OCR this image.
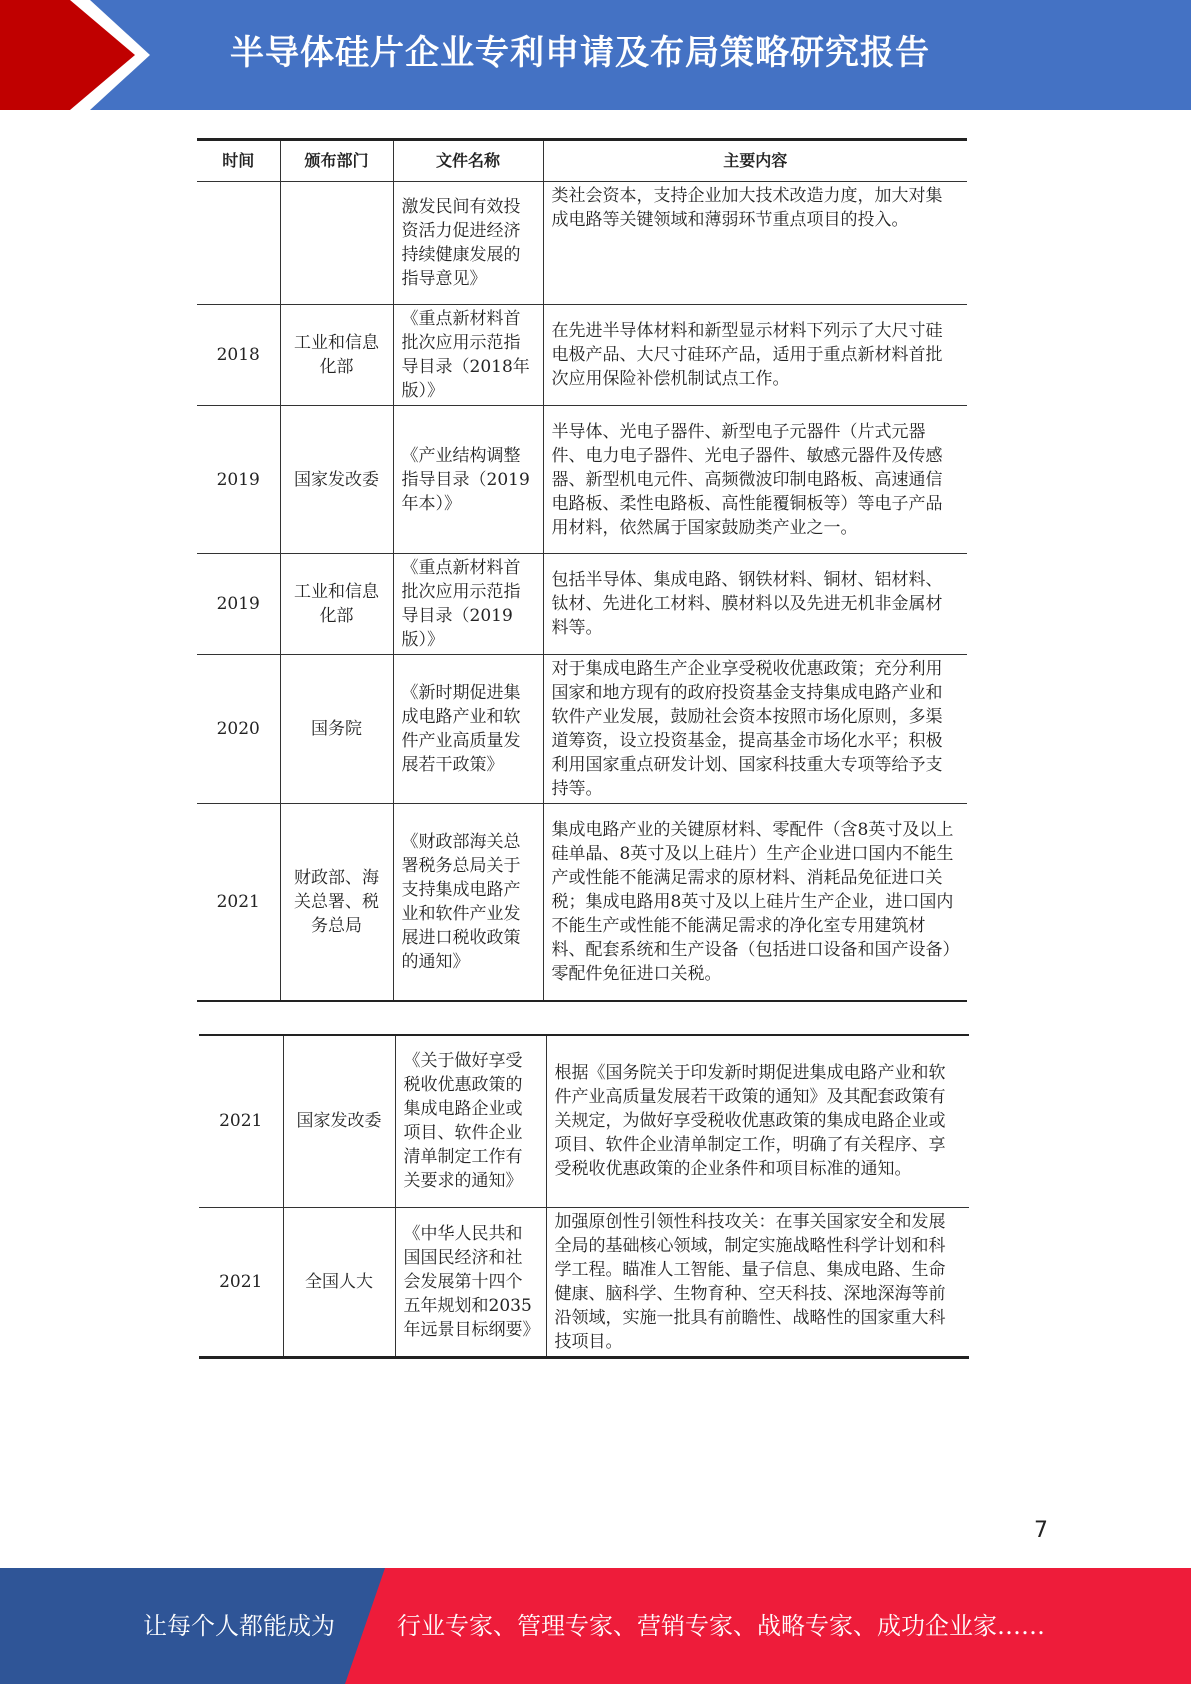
半导体硅片企业专利申请及布局策略研究报告
时间	颁布部门	文件名称	主要内容
		激发民间有效投资活力促进经济持续健康发展的指导意见》	类社会资本，支持企业加大技术改造力度，加大对集成电路等关键领域和薄弱环节重点项目的投入。
2018	工业和信息化部	《重点新材料首批次应用示范指导目录（2018年版）》	在先进半导体材料和新型显示材料下列示了大尺寸硅电极产品、大尺寸硅环产品，适用于重点新材料首批次应用保险补偿机制试点工作。
2019	国家发改委	《产业结构调整指导目录（2019年本）》	半导体、光电子器件、新型电子元器件（片式元器件、电力电子器件、光电子器件、敏感元器件及传感器、新型机电元件、高频微波印制电路板、高速通信电路板、柔性电路板、高性能覆铜板等）等电子产品用材料，依然属于国家鼓励类产业之一。
2019	工业和信息化部	《重点新材料首批次应用示范指导目录（2019版）》	包括半导体、集成电路、钢铁材料、铜材、铝材料、钛材、先进化工材料、膜材料以及先进无机非金属材料等。
2020	国务院	《新时期促进集成电路产业和软件产业高质量发展若干政策》	对于集成电路生产企业享受税收优惠政策；充分利用国家和地方现有的政府投资基金支持集成电路产业和软件产业发展，鼓励社会资本按照市场化原则，多渠道筹资，设立投资基金，提高基金市场化水平；积极利用国家重点研发计划、国家科技重大专项等给予支持等。
2021	财政部、海关总署、税务总局	《财政部海关总署税务总局关于支持集成电路产业和软件产业发展进口税收政策的通知》	集成电路产业的关键原材料、零配件（含8英寸及以上硅单晶、8英寸及以上硅片）生产企业进口国内不能生产或性能不能满足需求的原材料、消耗品免征进口关税；集成电路用8英寸及以上硅片生产企业，进口国内不能生产或性能不能满足需求的净化室专用建筑材料、配套系统和生产设备（包括进口设备和国产设备）零配件免征进口关税。
2021	国家发改委	《关于做好享受税收优惠政策的集成电路企业或项目、软件企业清单制定工作有关要求的通知》	根据《国务院关于印发新时期促进集成电路产业和软件产业高质量发展若干政策的通知》及其配套政策有关规定，为做好享受税收优惠政策的集成电路企业或项目、软件企业清单制定工作，明确了有关程序、享受税收优惠政策的企业条件和项目标准的通知。
2021	全国人大	《中华人民共和国国民经济和社会发展第十四个五年规划和2035年远景目标纲要》	加强原创性引领性科技攻关：在事关国家安全和发展全局的基础核心领域，制定实施战略性科学计划和科学工程。瞄准人工智能、量子信息、集成电路、生命健康、脑科学、生物育种、空天科技、深地深海等前沿领域，实施一批具有前瞻性、战略性的国家重大科技项目。
7
让每个人都能成为	行业专家、管理专家、营销专家、战略专家、成功企业家……
